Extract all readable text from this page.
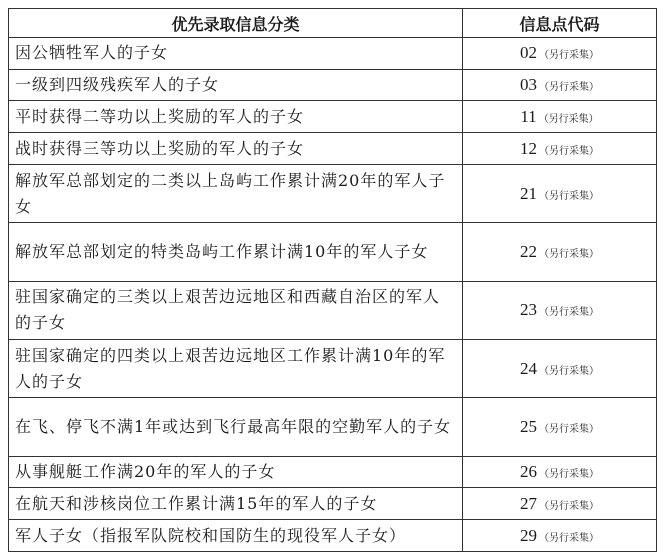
优先录取信息分类	信息点代码
因公牺牲军人的子女	02 （另行采集）
一级到四级残疾军人的子女	03 （另行采集）
平时获得二等功以上奖励的军人的子女	11 （另行采集）
战时获得三等功以上奖励的军人的子女	12 （另行采集）
解放军总部划定的二类以上岛屿工作累计满20年的军人子女	21 （另行采集）
解放军总部划定的特类岛屿工作累计满10年的军人子女	22 （另行采集）
驻国家确定的三类以上艰苦边远地区和西藏自治区的军人的子女	23 （另行采集）
驻国家确定的四类以上艰苦边远地区工作累计满10年的军人的子女	24 （另行采集）
在飞、停飞不满1年或达到飞行最高年限的空勤军人的子女	25 （另行采集）
从事舰艇工作满20年的军人的子女	26 （另行采集）
在航天和涉核岗位工作累计满15年的军人的子女	27 （另行采集）
军人子女（指报军队院校和国防生的现役军人子女）	29 （另行采集）
